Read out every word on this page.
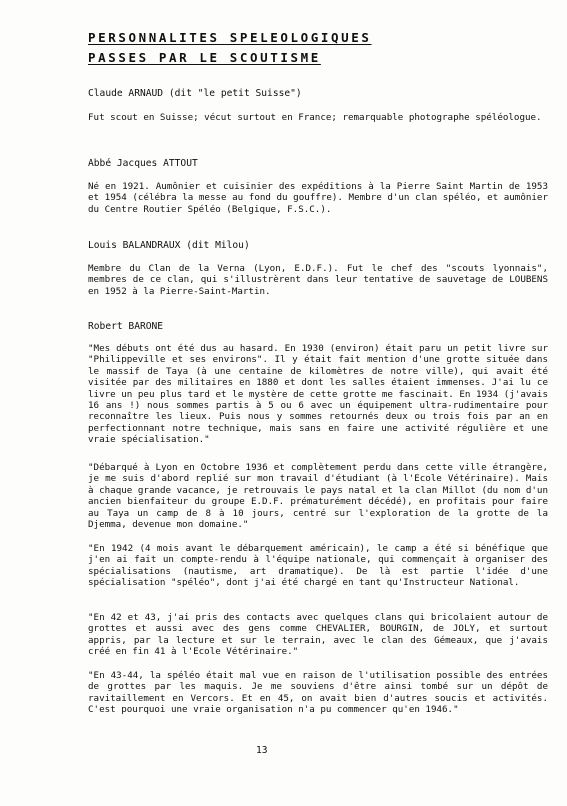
PERSONNALITES SPELEOLOGIQUES
PASSES PAR LE SCOUTISME
Claude ARNAUD (dit "le petit Suisse")
Fut scout en Suisse; vécut surtout en France; remarquable photographe spéléologue.
Abbé Jacques ATTOUT
Né en 1921. Aumônier et cuisinier des expéditions à la Pierre Saint Martin de 1953 et 1954 (célébra la messe au fond du gouffre). Membre d'un clan spéléo, et aumônier du Centre Routier Spéléo (Belgique, F.S.C.).
Louis BALANDRAUX (dit Milou)
Membre du Clan de la Verna (Lyon, E.D.F.). Fut le chef des "scouts lyonnais", membres de ce clan, qui s'illustrèrent dans leur tentative de sauvetage de LOUBENS en 1952 à la Pierre-Saint-Martin.
Robert BARONE
"Mes débuts ont été dus au hasard. En 1930 (environ) était paru un petit livre sur "Philippeville et ses environs". Il y était fait mention d'une grotte située dans le massif de Taya (à une centaine de kilomètres de notre ville), qui avait été visitée par des militaires en 1880 et dont les salles étaient immenses. J'ai lu ce livre un peu plus tard et le mystère de cette grotte me fascinait. En 1934 (j'avais 16 ans !) nous sommes partis à 5 ou 6 avec un équipement ultra-rudimentaire pour reconnaître les lieux. Puis nous y sommes retournés deux ou trois fois par an en perfectionnant notre technique, mais sans en faire une activité régulière et une vraie spécialisation."
"Débarqué à Lyon en Octobre 1936 et complètement perdu dans cette ville étrangère, je me suis d'abord replié sur mon travail d'étudiant (à l'Ecole Vétérinaire). Mais à chaque grande vacance, je retrouvais le pays natal et la clan Millot (du nom d'un ancien bienfaiteur du groupe E.D.F. prématurément décédé), en profitais pour faire au Taya un camp de 8 à 10 jours, centré sur l'exploration de la grotte de la Djemma, devenue mon domaine."
"En 1942 (4 mois avant le débarquement américain), le camp a été si bénéfique que j'en ai fait un compte-rendu à l'équipe nationale, qui commençait à organiser des spécialisations (nautisme, art dramatique). De là est partie l'idée d'une spécialisation "spéléo", dont j'ai été chargé en tant qu'Instructeur National.
"En 42 et 43, j'ai pris des contacts avec quelques clans qui bricolaient autour de grottes et aussi avec des gens comme CHEVALIER, BOURGIN, de JOLY, et surtout appris, par la lecture et sur le terrain, avec le clan des Gémeaux, que j'avais créé en fin 41 à l'Ecole Vétérinaire."
"En 43-44, la spéléo était mal vue en raison de l'utilisation possible des entrées de grottes par les maquis. Je me souviens d'être ainsi tombé sur un dépôt de ravitaillement en Vercors. Et en 45, on avait bien d'autres soucis et activités. C'est pourquoi une vraie organisation n'a pu commencer qu'en 1946."
13
